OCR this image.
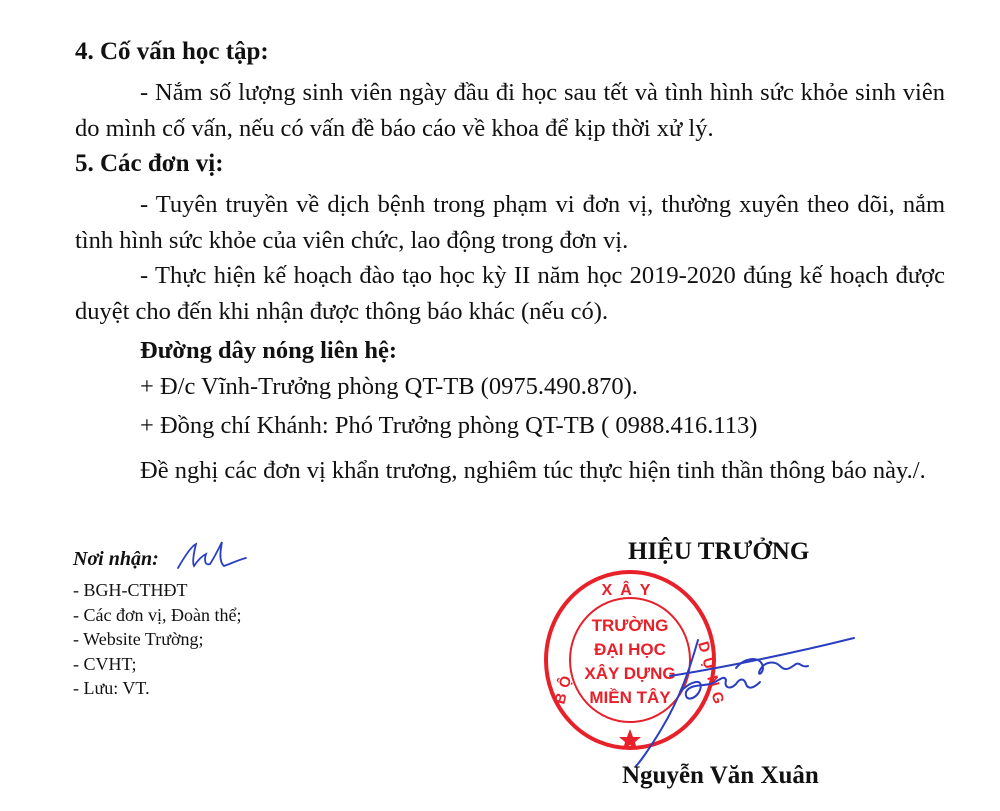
4. Cố vấn học tập:
- Nắm số lượng sinh viên ngày đầu đi học sau tết và tình hình sức khỏe sinh viên do mình cố vấn, nếu có vấn đề báo cáo về khoa để kịp thời xử lý.
5. Các đơn vị:
- Tuyên truyền về dịch bệnh trong phạm vi đơn vị, thường xuyên theo dõi, nắm tình hình sức khỏe của viên chức, lao động trong đơn vị.
- Thực hiện kế hoạch đào tạo học kỳ II năm học 2019-2020 đúng kế hoạch được duyệt cho đến khi nhận được thông báo khác (nếu có).
Đường dây nóng liên hệ:
+ Đ/c Vĩnh-Trưởng phòng QT-TB (0975.490.870).
+ Đồng chí Khánh: Phó Trưởng phòng QT-TB ( 0988.416.113)
Đề nghị các đơn vị khẩn trương, nghiêm túc thực hiện tinh thần thông báo này./.
Nơi nhận:
- BGH-CTHĐT
- Các đơn vị, Đoàn thể;
- Website Trường;
- CVHT;
- Lưu: VT.
HIỆU TRƯỞNG
XÂY
DỰNG
BỘ
TRƯỜNG
ĐẠI HỌC
XÂY DỰNG
MIỀN TÂY
Nguyễn Văn Xuân
